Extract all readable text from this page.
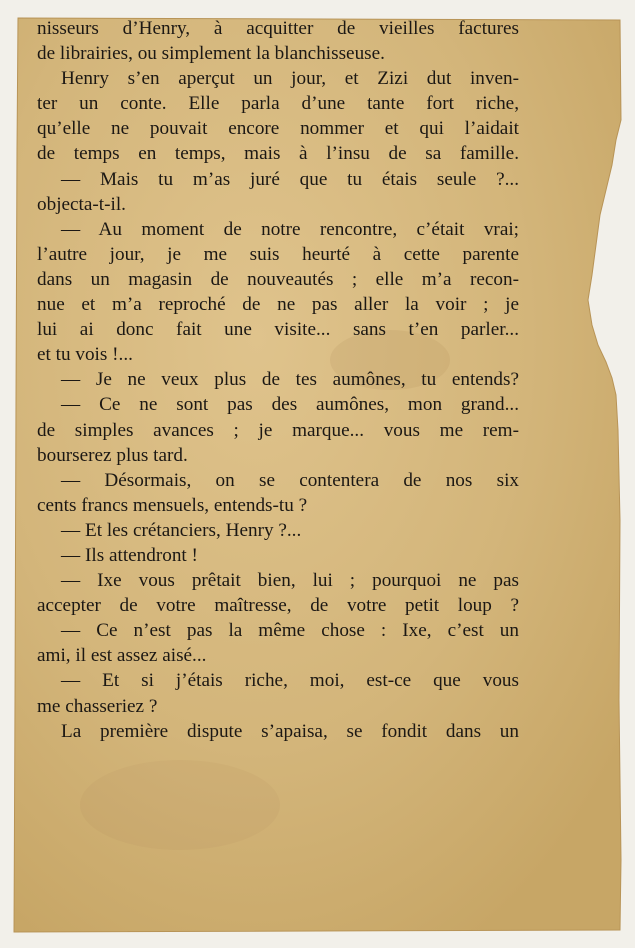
nisseurs d’Henry, à acquitter de vieilles factures
de librairies, ou simplement la blanchisseuse.
Henry s’en aperçut un jour, et Zizi dut inven-
ter un conte. Elle parla d’une tante fort riche,
qu’elle ne pouvait encore nommer et qui l’aidait
de temps en temps, mais à l’insu de sa famille.
— Mais tu m’as juré que tu étais seule ?...
objecta-t-il.
— Au moment de notre rencontre, c’était vrai;
l’autre jour, je me suis heurté à cette parente
dans un magasin de nouveautés ; elle m’a recon-
nue et m’a reproché de ne pas aller la voir ; je
lui ai donc fait une visite... sans t’en parler...
et tu vois !...
— Je ne veux plus de tes aumônes, tu entends?
— Ce ne sont pas des aumônes, mon grand...
de simples avances ; je marque... vous me rem-
bourserez plus tard.
— Désormais, on se contentera de nos six
cents francs mensuels, entends-tu ?
— Et les crétanciers, Henry ?...
— Ils attendront !
— Ixe vous prêtait bien, lui ; pourquoi ne pas
accepter de votre maîtresse, de votre petit loup ?
— Ce n’est pas la même chose : Ixe, c’est un
ami, il est assez aisé...
— Et si j’étais riche, moi, est-ce que vous
me chasseriez ?
La première dispute s’apaisa, se fondit dans un
